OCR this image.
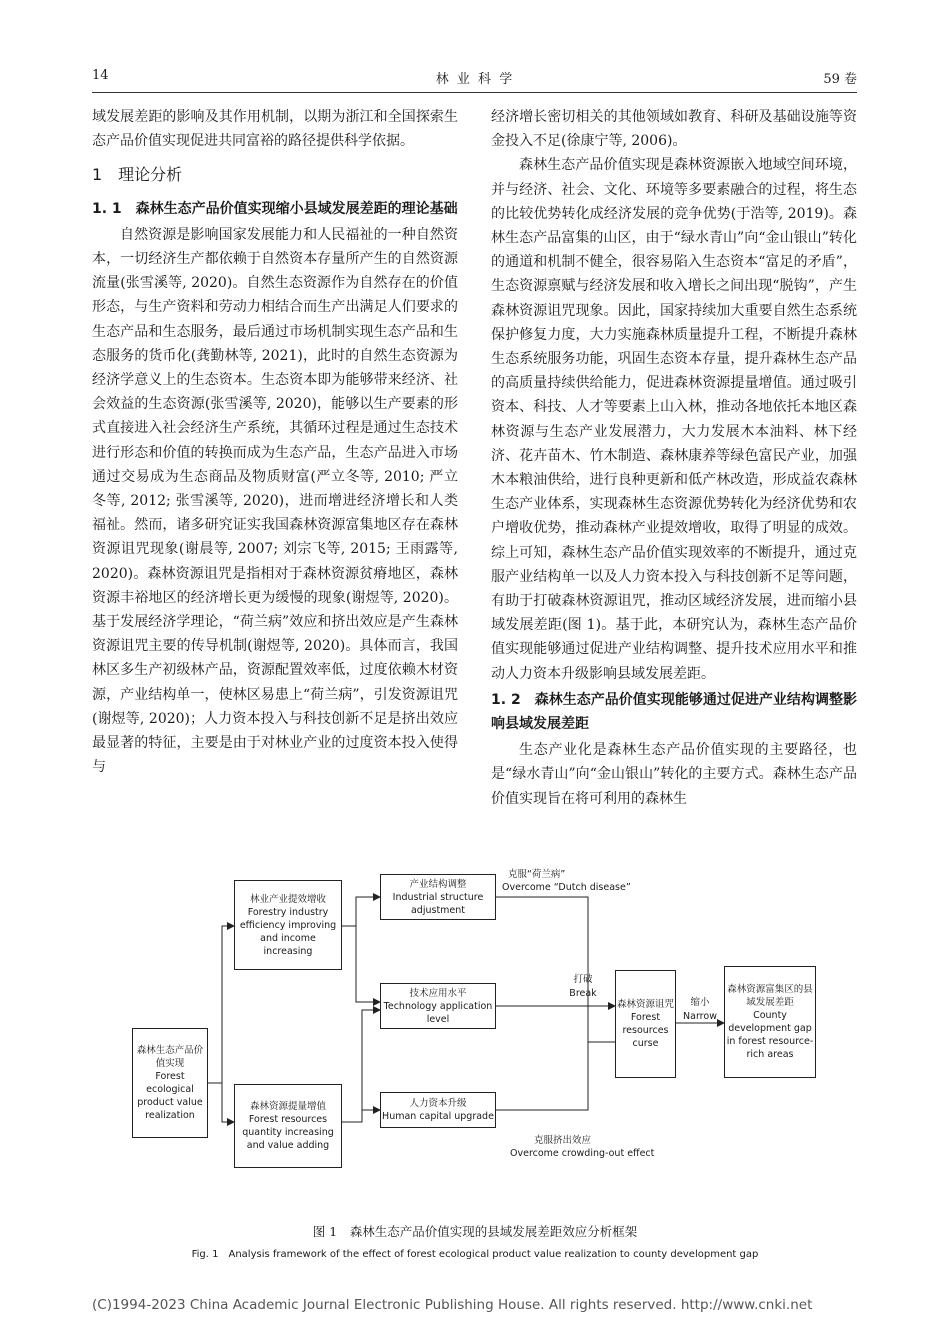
14	林 业 科 学	59 卷

域发展差距的影响及其作用机制，以期为浙江和全国探索生态产品价值实现促进共同富裕的路径提供科学依据。

1　理论分析
1. 1　森林生态产品价值实现缩小县域发展差距的理论基础

自然资源是影响国家发展能力和人民福祉的一种自然资本，一切经济生产都依赖于自然资本存量所产生的自然资源流量(张雪溪等, 2020)。自然生态资源作为自然存在的价值形态，与生产资料和劳动力相结合而生产出满足人们要求的生态产品和生态服务，最后通过市场机制实现生态产品和生态服务的货币化(龚勤林等, 2021)，此时的自然生态资源为经济学意义上的生态资本。生态资本即为能够带来经济、社会效益的生态资源(张雪溪等, 2020)，能够以生产要素的形式直接进入社会经济生产系统，其循环过程是通过生态技术进行形态和价值的转换而成为生态产品，生态产品进入市场通过交易成为生态商品及物质财富(严立冬等, 2010; 严立冬等, 2012; 张雪溪等, 2020)，进而增进经济增长和人类福祉。然而，诸多研究证实我国森林资源富集地区存在森林资源诅咒现象(谢晨等, 2007; 刘宗飞等, 2015; 王雨露等, 2020)。森林资源诅咒是指相对于森林资源贫瘠地区，森林资源丰裕地区的经济增长更为缓慢的现象(谢煜等, 2020)。基于发展经济学理论，“荷兰病”效应和挤出效应是产生森林资源诅咒主要的传导机制(谢煜等, 2020)。具体而言，我国林区多生产初级林产品，资源配置效率低，过度依赖木材资源，产业结构单一，使林区易患上“荷兰病”，引发资源诅咒(谢煜等, 2020)；人力资本投入与科技创新不足是挤出效应最显著的特征，主要是由于对林业产业的过度资本投入使得与

经济增长密切相关的其他领域如教育、科研及基础设施等资金投入不足(徐康宁等, 2006)。

森林生态产品价值实现是森林资源嵌入地域空间环境，并与经济、社会、文化、环境等多要素融合的过程，将生态的比较优势转化成经济发展的竞争优势(于浩等, 2019)。森林生态产品富集的山区，由于“绿水青山”向“金山银山”转化的通道和机制不健全，很容易陷入生态资本“富足的矛盾”，生态资源禀赋与经济发展和收入增长之间出现“脱钩”，产生森林资源诅咒现象。因此，国家持续加大重要自然生态系统保护修复力度，大力实施森林质量提升工程，不断提升森林生态系统服务功能，巩固生态资本存量，提升森林生态产品的高质量持续供给能力，促进森林资源提量增值。通过吸引资本、科技、人才等要素上山入林，推动各地依托本地区森林资源与生态产业发展潜力，大力发展木本油料、林下经济、花卉苗木、竹木制造、森林康养等绿色富民产业，加强木本粮油供给，进行良种更新和低产林改造，形成益农森林生态产业体系，实现森林生态资源优势转化为经济优势和农户增收优势，推动森林产业提效增收，取得了明显的成效。综上可知，森林生态产品价值实现效率的不断提升，通过克服产业结构单一以及人力资本投入与科技创新不足等问题，有助于打破森林资源诅咒，推动区域经济发展，进而缩小县域发展差距(图 1)。基于此，本研究认为，森林生态产品价值实现能够通过促进产业结构调整、提升技术应用水平和推动人力资本升级影响县域发展差距。

1. 2　森林生态产品价值实现能够通过促进产业结构调整影响县域发展差距

生态产业化是森林生态产品价值实现的主要路径，也是“绿水青山”向“金山银山”转化的主要方式。森林生态产品价值实现旨在将可利用的森林生

森林生态产品价值实现
Forest ecological product value realization
林业产业提效增收
Forestry industry efficiency improving and income increasing
森林资源提量增值
Forest resources quantity increasing and value adding
产业结构调整
Industrial structure adjustment
技术应用水平
Technology application level
人力资本升级
Human capital upgrade
森林资源诅咒
Forest resources curse
森林资源富集区的县域发展差距
County development gap in forest resource-rich areas
克服“荷兰病”
Overcome “Dutch disease”
打破
Break
缩小
Narrow
克服挤出效应
Overcome crowding-out effect
图 1　森林生态产品价值实现的县域发展差距效应分析框架
Fig. 1　Analysis framework of the effect of forest ecological product value realization to county development gap
(C)1994-2023 China Academic Journal Electronic Publishing House. All rights reserved. http://www.cnki.net
